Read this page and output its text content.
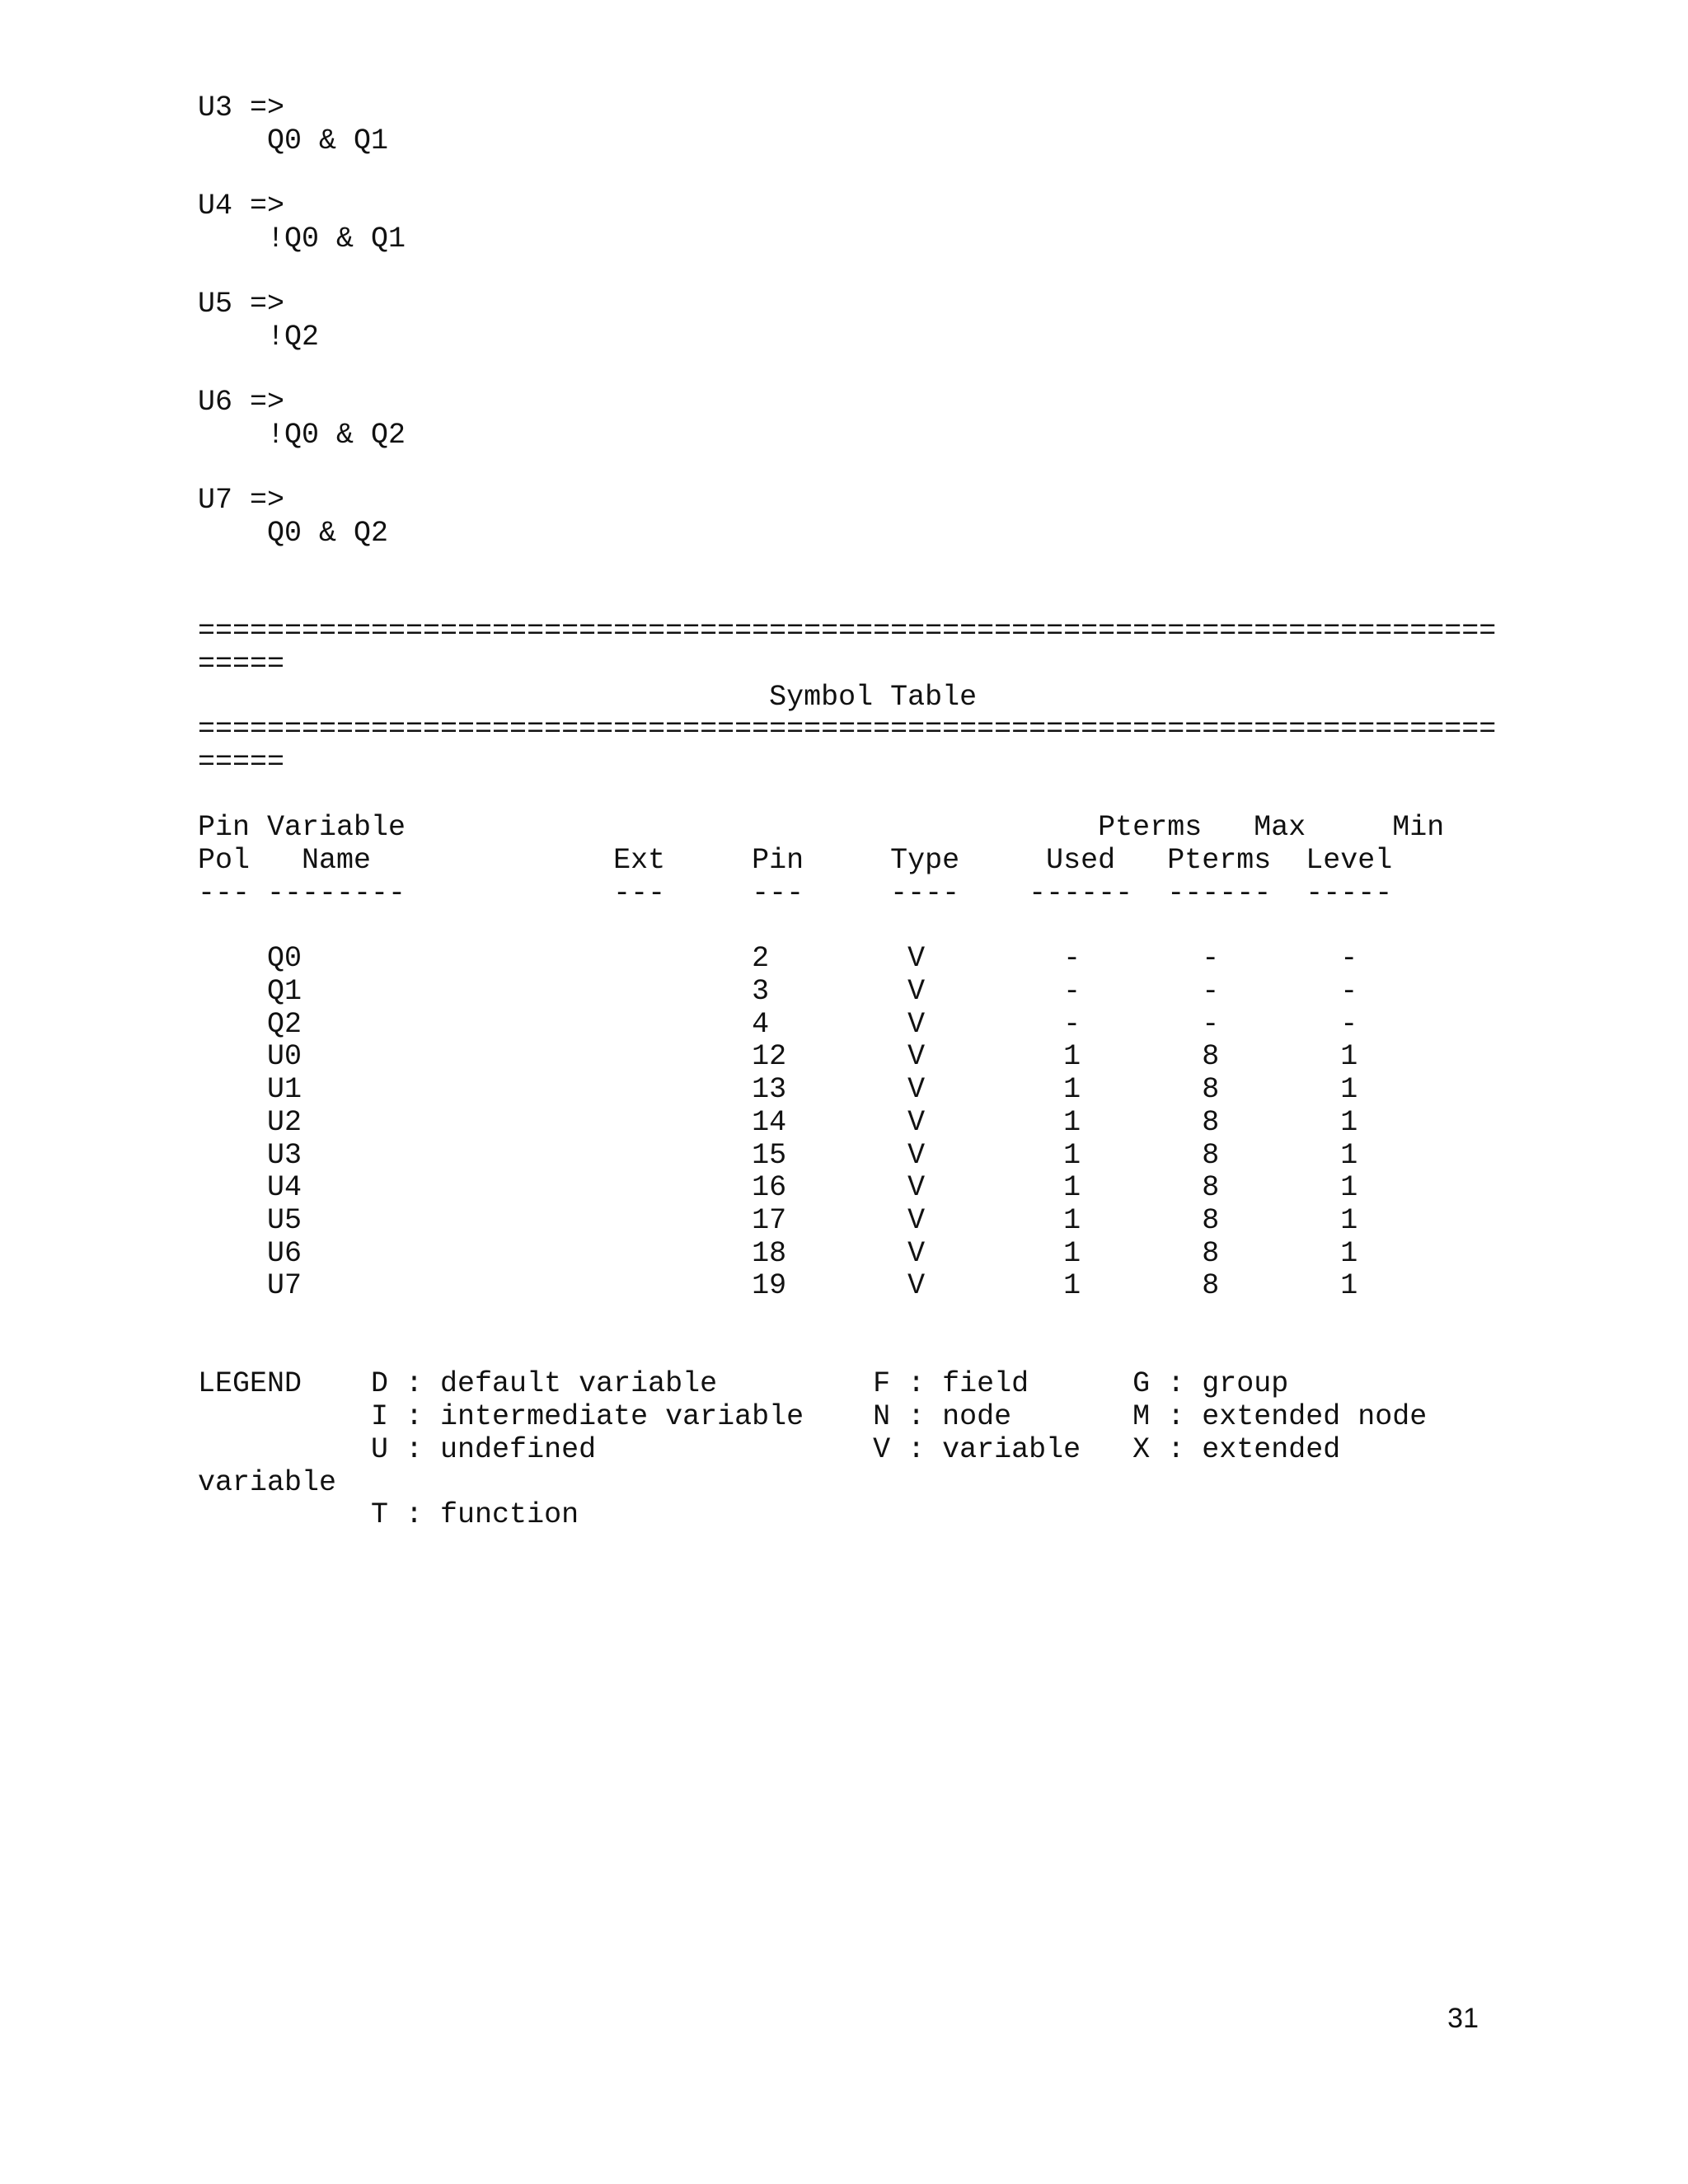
U3 =>
Q0 & Q1

U4 =>
!Q0 & Q1

U5 =>
!Q2

U6 =>
!Q0 & Q2

U7 =>
Q0 & Q2

===========================================================================
=====
Symbol Table
===========================================================================
=====

Pin Variable                                        Pterms   Max     Min
Pol   Name              Ext     Pin     Type     Used   Pterms  Level
--- --------            ---     ---     ----    ------  ------  -----

Q0                          2        V        -       -       -
Q1                          3        V        -       -       -
Q2                          4        V        -       -       -
U0                          12       V        1       8       1
U1                          13       V        1       8       1
U2                          14       V        1       8       1
U3                          15       V        1       8       1
U4                          16       V        1       8       1
U5                          17       V        1       8       1
U6                          18       V        1       8       1
U7                          19       V        1       8       1

LEGEND    D : default variable         F : field      G : group
I : intermediate variable    N : node       M : extended node
U : undefined                V : variable   X : extended
variable
T : function
31
